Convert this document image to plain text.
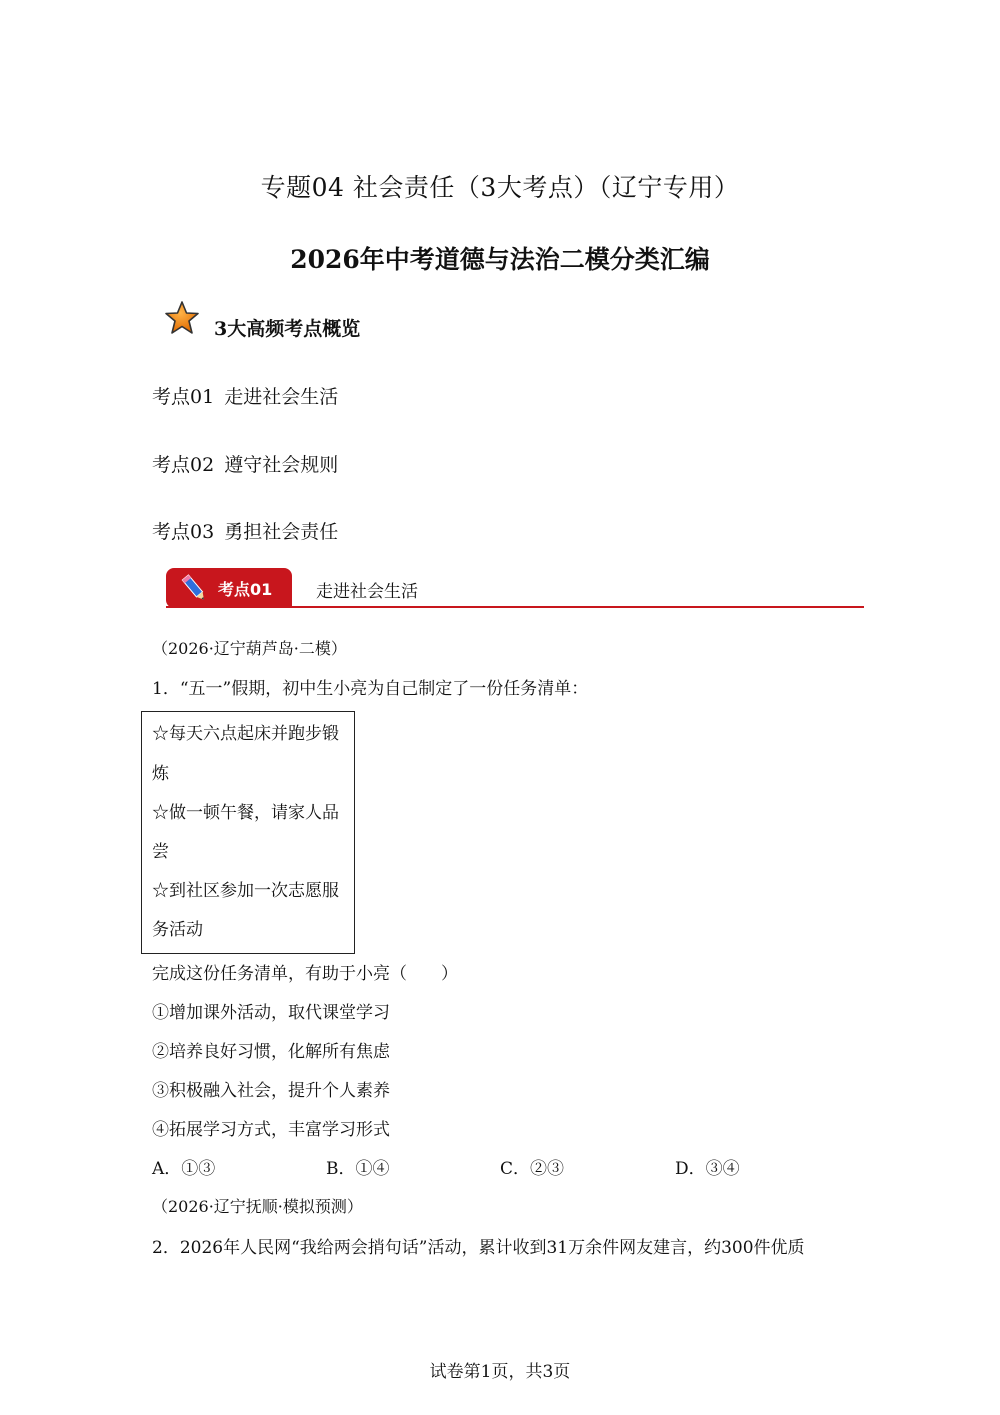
专题04 社会责任（3大考点）（辽宁专用）
2026年中考道德与法治二模分类汇编
3大高频考点概览
考点01 走进社会生活
考点02 遵守社会规则
考点03 勇担社会责任
考点01	走进社会生活
（2026·辽宁葫芦岛·二模）
1．“五一”假期，初中生小亮为自己制定了一份任务清单：
☆每天六点起床并跑步锻
炼
☆做一顿午餐，请家人品
尝
☆到社区参加一次志愿服
务活动
完成这份任务清单，有助于小亮（　　）
①增加课外活动，取代课堂学习
②培养良好习惯，化解所有焦虑
③积极融入社会，提升个人素养
④拓展学习方式，丰富学习形式
A．①③	B．①④	C．②③	D．③④
（2026·辽宁抚顺·模拟预测）
2．2026年人民网“我给两会捎句话”活动，累计收到31万余件网友建言，约300件优质
试卷第1页，共3页
